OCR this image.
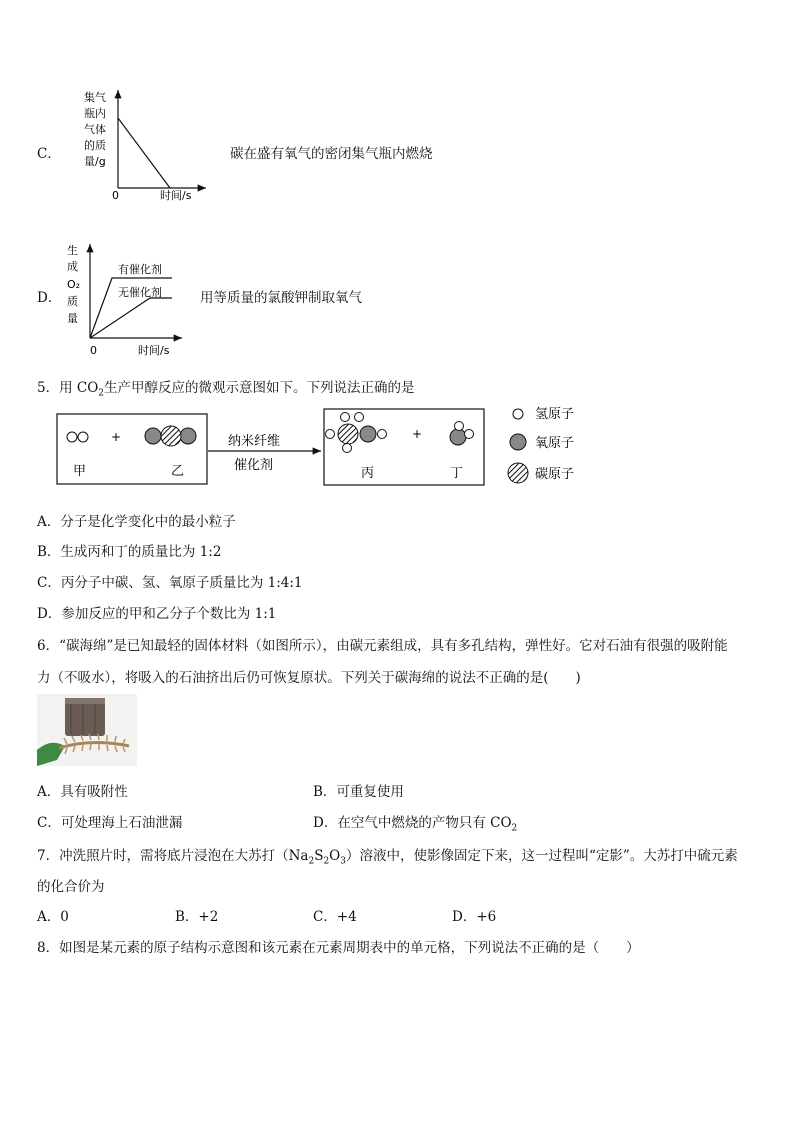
C．
集气
瓶内
气体
的质
量/g
0	时间/s
碳在盛有氧气的密闭集气瓶内燃烧
D．
生
成
O₂
质
量
有催化剂
无催化剂
0	时间/s
用等质量的氯酸钾制取氧气
5．用 $CO_2$生产甲醇反应的微观示意图如下。下列说法正确的是
+
甲	乙
纳米纤维
催化剂
+
丙	丁
氢原子
氧原子
碳原子
A．分子是化学变化中的最小粒子
B．生成丙和丁的质量比为 1:2
C．丙分子中碳、氢、氧原子质量比为 1:4:1
D．参加反应的甲和乙分子个数比为 1:1
6．“碳海绵”是已知最轻的固体材料（如图所示），由碳元素组成，具有多孔结构，弹性好。它对石油有很强的吸附能
力（不吸水），将吸入的石油挤出后仍可恢复原状。下列关于碳海绵的说法不正确的是(　　)
A．具有吸附性	B．可重复使用
C．可处理海上石油泄漏	D．在空气中燃烧的产物只有 $CO_2$
7．冲洗照片时，需将底片浸泡在大苏打$(Na_2S_2O_3)$溶液中，使影像固定下来，这一过程叫“定影”。大苏打中硫元素
的化合价为
A．0	B．+2	C．+4	D．+6
8．如图是某元素的原子结构示意图和该元素在元素周期表中的单元格，下列说法不正确的是（　　）
